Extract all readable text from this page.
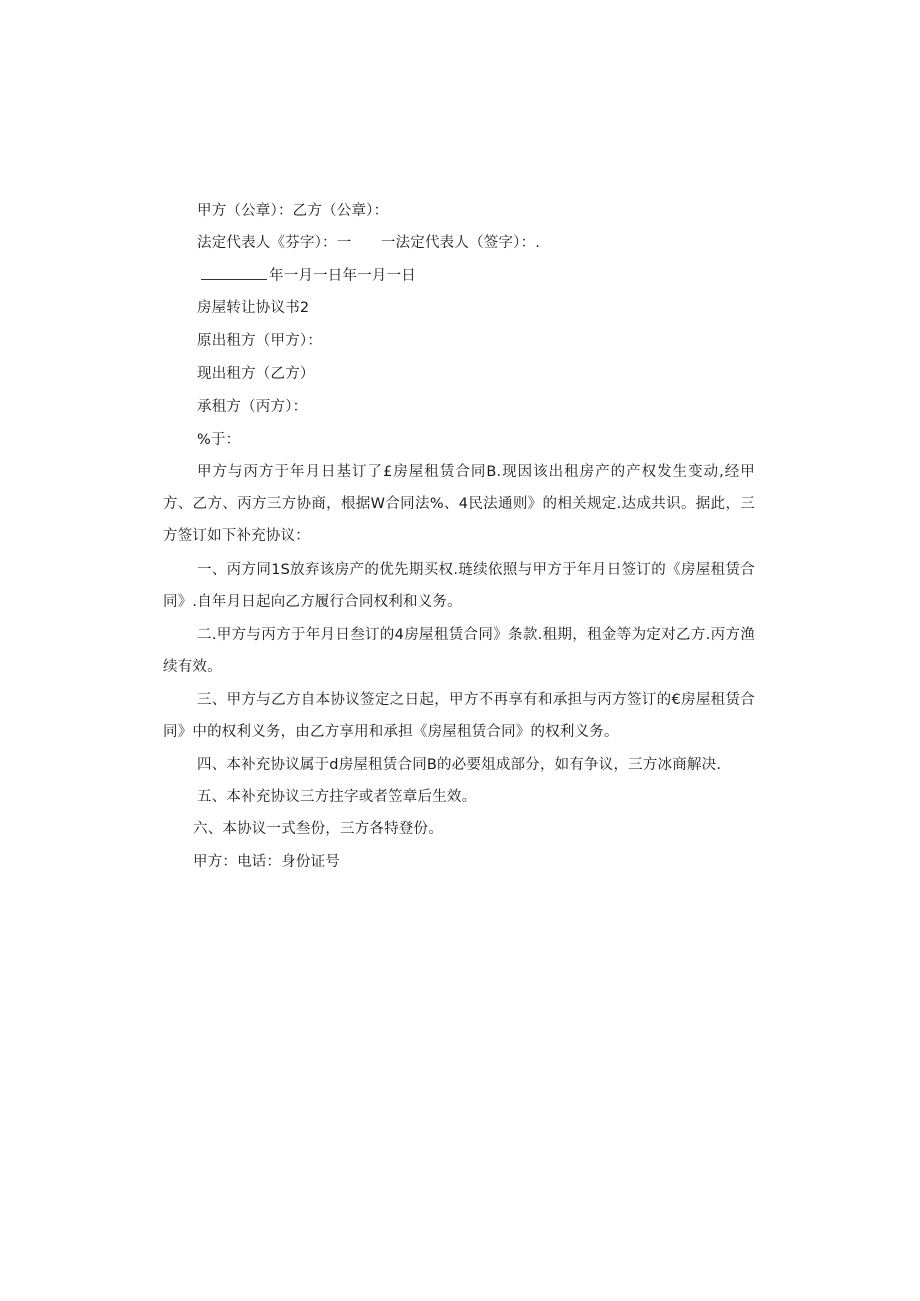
甲方（公章）：乙方（公章）：
法定代表人《芬字）：一　　一法定代表人（签字）：.
年一月一日年一月一日
房屋转让协议书2
原出租方（甲方）：
现出租方（乙方）
承租方（丙方）：
%于：
甲方与丙方于年月日基订了£房屋租赁合同B.现因该出租房产的产权发生变动,经甲方、乙方、丙方三方协商，根据W合同法%、4民法通则》的相关规定.达成共识。据此，三方签订如下补充协议：
一、丙方同1S放弃该房产的优先期买权.琏续依照与甲方于年月日签订的《房屋租赁合同》.自年月日起向乙方履行合同权利和义务。
二.甲方与丙方于年月日叁订的4房屋租赁合同》条款.租期，租金等为定对乙方.丙方渔续有效。
三、甲方与乙方自本协议签定之日起，甲方不再享有和承担与丙方签订的€房屋租赁合同》中的权利义务，由乙方享用和承担《房屋租赁合同》的权利义务。
四、本补充协议属于d房屋租赁合同B的必要俎成部分，如有争议，三方冰商解决.
五、本补充协议三方拄字或者笠章后生效。
六、本协议一式叁份，三方各特登份。
甲方：电话：身份证号
